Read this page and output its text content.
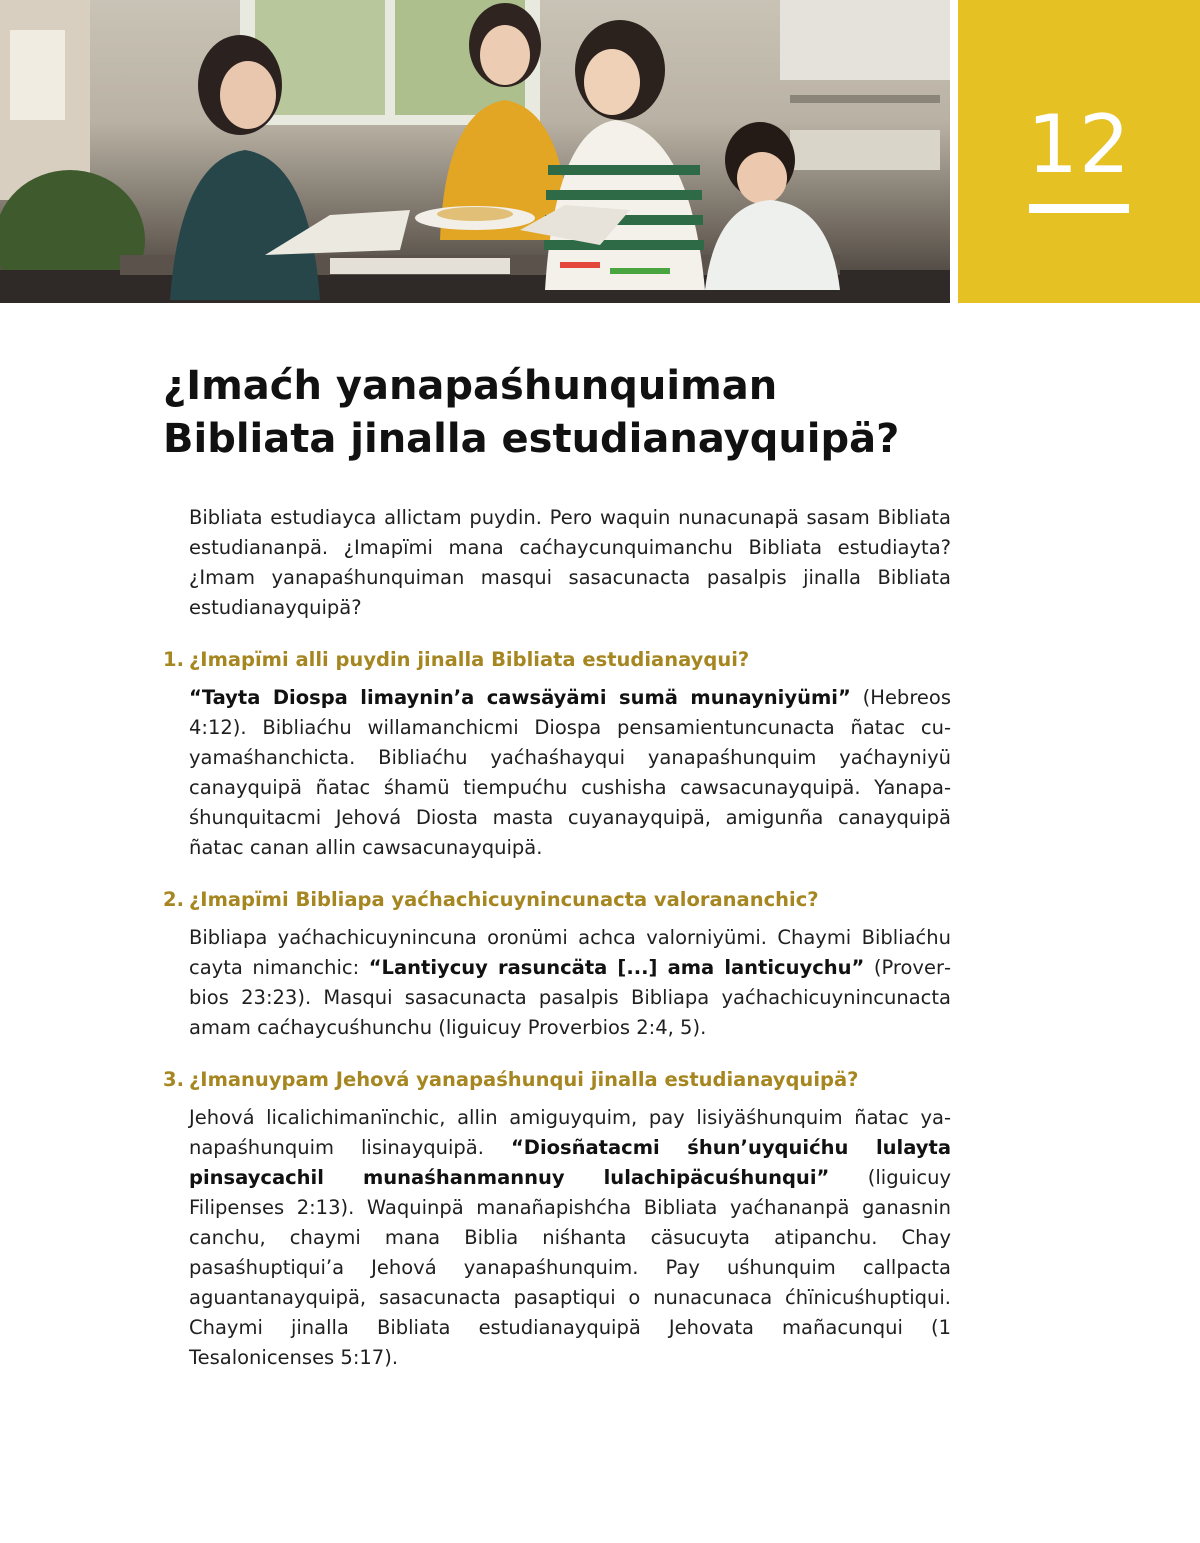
12
¿Imaćh yanapaśhunquiman
Bibliata jinalla estudianayquipä?

Bibliata estudiayca allictam puydin. Pero waquin nunacunapä sasam Bibliata estudiananpä. ¿Imapïmi mana caćhaycunquimanchu Bibliata estudiayta? ¿Imam yanapaśhunquiman masqui sasacunacta pasalpis jinalla Bibliata estudianayquipä?

1. ¿Imapïmi alli puydin jinalla Bibliata estudianayqui?

“Tayta Diospa limaynin’a cawsäyämi sumä munayniyümi” (Hebreos 4:12). Bibliaćhu willamanchicmi Diospa pensamientuncunacta ñatac cuyamaśhanchicta. Bibliaćhu yaćhaśhayqui yanapaśhunquim yaćhayniyü canayquipä ñatac śhamü tiempućhu cushisha cawsacunayquipä. Yanapaśhunquitacmi Jehová Diosta masta cuyanayquipä, amigunña canayquipä ñatac canan allin cawsacunayquipä.

2. ¿Imapïmi Bibliapa yaćhachicuynincunacta valorananchic?

Bibliapa yaćhachicuynincuna oronümi achca valorniyümi. Chaymi Bibliaćhu cayta nimanchic: “Lantiycuy rasuncäta [...] ama lanticuychu” (Proverbios 23:23). Masqui sasacunacta pasalpis Bibliapa yaćhachicuynincunacta amam caćhaycuśhunchu (liguicuy Proverbios 2:4, 5).

3. ¿Imanuypam Jehová yanapaśhunqui jinalla estudianayquipä?

Jehová licalichimanïnchic, allin amiguyquim, pay lisiyäśhunquim ñatac yanapaśhunquim lisinayquipä. “Diosñatacmi śhun’uyquićhu lulayta pinsaycachil munaśhanmannuy lulachipäcuśhunqui” (liguicuy Filipenses 2:13). Waquinpä manañapishćha Bibliata yaćhananpä ganasnin canchu, chaymi mana Biblia niśhanta cäsucuyta atipanchu. Chay pasaśhuptiqui’a Jehová yanapaśhunquim. Pay uśhunquim callpacta aguantanayquipä, sasacunacta pasaptiqui o nunacunaca ćhïnicuśhuptiqui. Chaymi jinalla Bibliata estudianayquipä Jehovata mañacunqui (1 Tesalonicenses 5:17).
